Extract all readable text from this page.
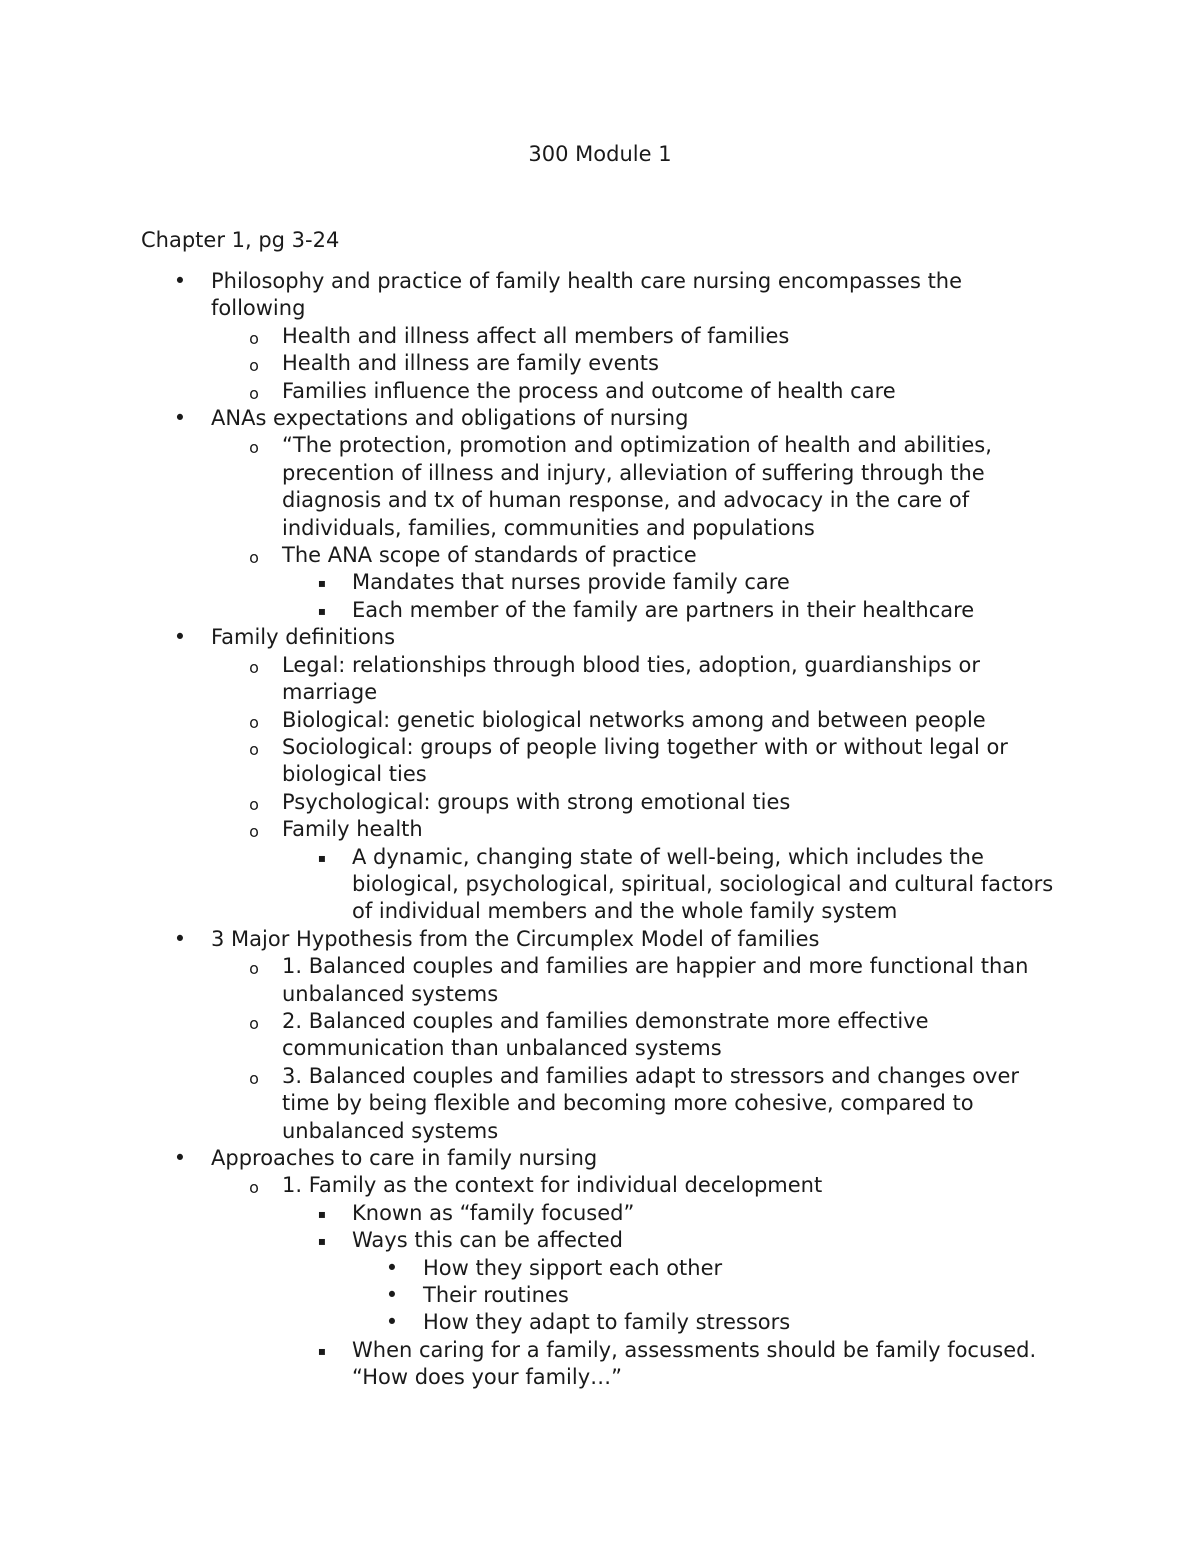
300 Module 1
Chapter 1, pg 3-24
• Philosophy and practice of family health care nursing encompasses the following
o Health and illness affect all members of families
o Health and illness are family events
o Families influence the process and outcome of health care
• ANAs expectations and obligations of nursing
o “The protection, promotion and optimization of health and abilities, precention of illness and injury, alleviation of suffering through the diagnosis and tx of human response, and advocacy in the care of individuals, families, communities and populations
o The ANA scope of standards of practice
▪ Mandates that nurses provide family care
▪ Each member of the family are partners in their healthcare
• Family definitions
o Legal: relationships through blood ties, adoption, guardianships or marriage
o Biological: genetic biological networks among and between people
o Sociological: groups of people living together with or without legal or biological ties
o Psychological: groups with strong emotional ties
o Family health
▪ A dynamic, changing state of well-being, which includes the biological, psychological, spiritual, sociological and cultural factors of individual members and the whole family system
• 3 Major Hypothesis from the Circumplex Model of families
o 1. Balanced couples and families are happier and more functional than unbalanced systems
o 2. Balanced couples and families demonstrate more effective communication than unbalanced systems
o 3. Balanced couples and families adapt to stressors and changes over time by being flexible and becoming more cohesive, compared to unbalanced systems
• Approaches to care in family nursing
o 1. Family as the context for individual decelopment
▪ Known as “family focused”
▪ Ways this can be affected
• How they sipport each other
• Their routines
• How they adapt to family stressors
▪ When caring for a family, assessments should be family focused. “How does your family…”
